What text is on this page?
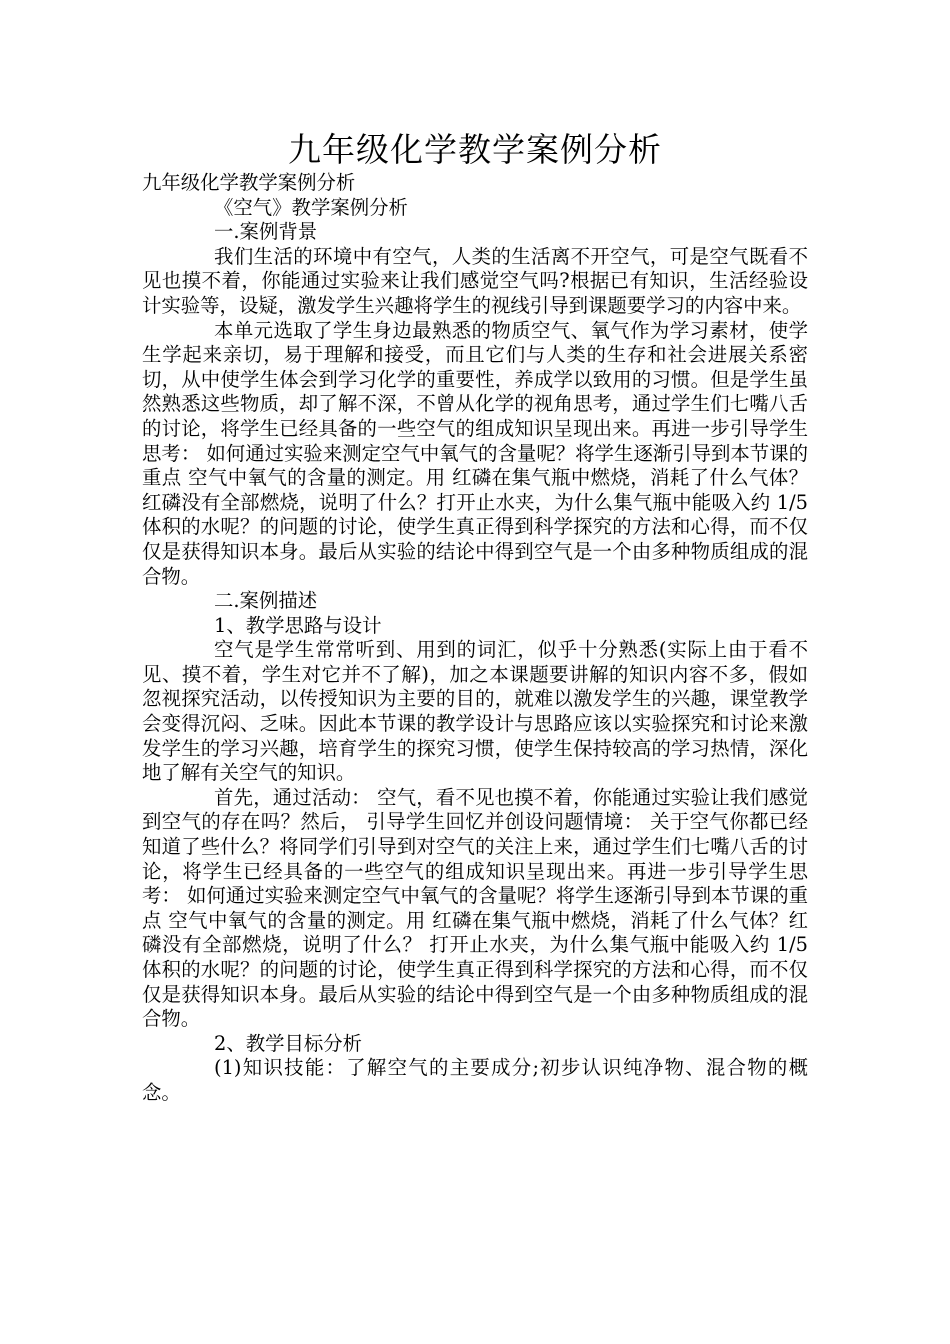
九年级化学教学案例分析

九年级化学教学案例分析

《空气》教学案例分析

一.案例背景

我们生活的环境中有空气，人类的生活离不开空气，可是空气既看不见也摸不着，你能通过实验来让我们感觉空气吗?根据已有知识，生活经验设计实验等，设疑，激发学生兴趣将学生的视线引导到课题要学习的内容中来。

本单元选取了学生身边最熟悉的物质空气、氧气作为学习素材，使学生学起来亲切，易于理解和接受，而且它们与人类的生存和社会进展关系密切，从中使学生体会到学习化学的重要性，养成学以致用的习惯。但是学生虽然熟悉这些物质，却了解不深，不曾从化学的视角思考，通过学生们七嘴八舌的讨论，将学生已经具备的一些空气的组成知识呈现出来。再进一步引导学生思考： 如何通过实验来测定空气中氧气的含量呢？将学生逐渐引导到本节课的重点 空气中氧气的含量的测定。用 红磷在集气瓶中燃烧，消耗了什么气体？红磷没有全部燃烧，说明了什么？打开止水夹，为什么集气瓶中能吸入约 1/5 体积的水呢？的问题的讨论，使学生真正得到科学探究的方法和心得，而不仅仅是获得知识本身。最后从实验的结论中得到空气是一个由多种物质组成的混合物。

二.案例描述

1、教学思路与设计

空气是学生常常听到、用到的词汇，似乎十分熟悉(实际上由于看不见、摸不着，学生对它并不了解)，加之本课题要讲解的知识内容不多，假如忽视探究活动，以传授知识为主要的目的，就难以激发学生的兴趣，课堂教学会变得沉闷、乏味。因此本节课的教学设计与思路应该以实验探究和讨论来激发学生的学习兴趣，培育学生的探究习惯，使学生保持较高的学习热情，深化地了解有关空气的知识。

首先，通过活动： 空气，看不见也摸不着，你能通过实验让我们感觉到空气的存在吗？然后， 引导学生回忆并创设问题情境： 关于空气你都已经知道了些什么？将同学们引导到对空气的关注上来，通过学生们七嘴八舌的讨论，将学生已经具备的一些空气的组成知识呈现出来。再进一步引导学生思考： 如何通过实验来测定空气中氧气的含量呢？将学生逐渐引导到本节课的重点 空气中氧气的含量的测定。用 红磷在集气瓶中燃烧，消耗了什么气体？红磷没有全部燃烧，说明了什么？ 打开止水夹，为什么集气瓶中能吸入约 1/5 体积的水呢？的问题的讨论，使学生真正得到科学探究的方法和心得，而不仅仅是获得知识本身。最后从实验的结论中得到空气是一个由多种物质组成的混合物。

2、教学目标分析

(1)知识技能：了解空气的主要成分;初步认识纯净物、混合物的概念。
